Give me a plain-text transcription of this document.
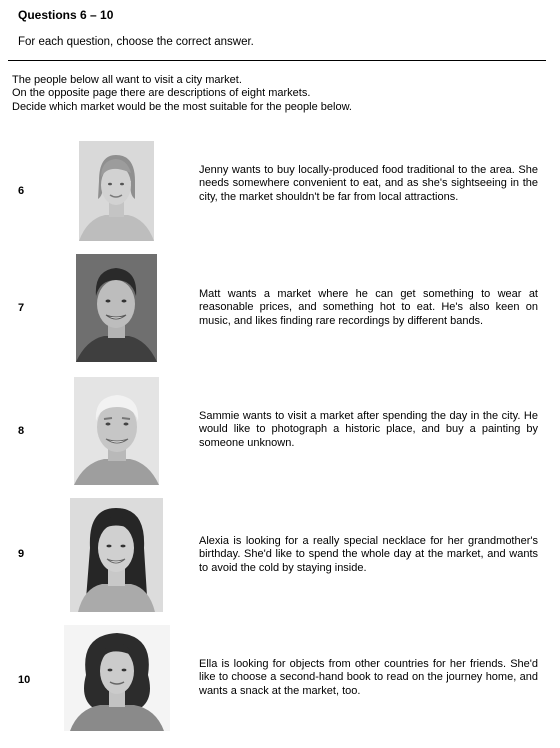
Questions 6 – 10
For each question, choose the correct answer.
The people below all want to visit a city market.
On the opposite page there are descriptions of eight markets.
Decide which market would be the most suitable for the people below.
6
Jenny wants to buy locally-produced food traditional to the area. She needs somewhere convenient to eat, and as she's sightseeing in the city, the market shouldn't be far from local attractions.
7
Matt wants a market where he can get something to wear at reasonable prices, and something hot to eat. He's also keen on music, and likes finding rare recordings by different bands.
8
Sammie wants to visit a market after spending the day in the city. He would like to photograph a historic place, and buy a painting by someone unknown.
9
Alexia is looking for a really special necklace for her grandmother's birthday. She'd like to spend the whole day at the market, and wants to avoid the cold by staying inside.
10
Ella is looking for objects from other countries for her friends. She'd like to choose a second-hand book to read on the journey home, and wants a snack at the market, too.
